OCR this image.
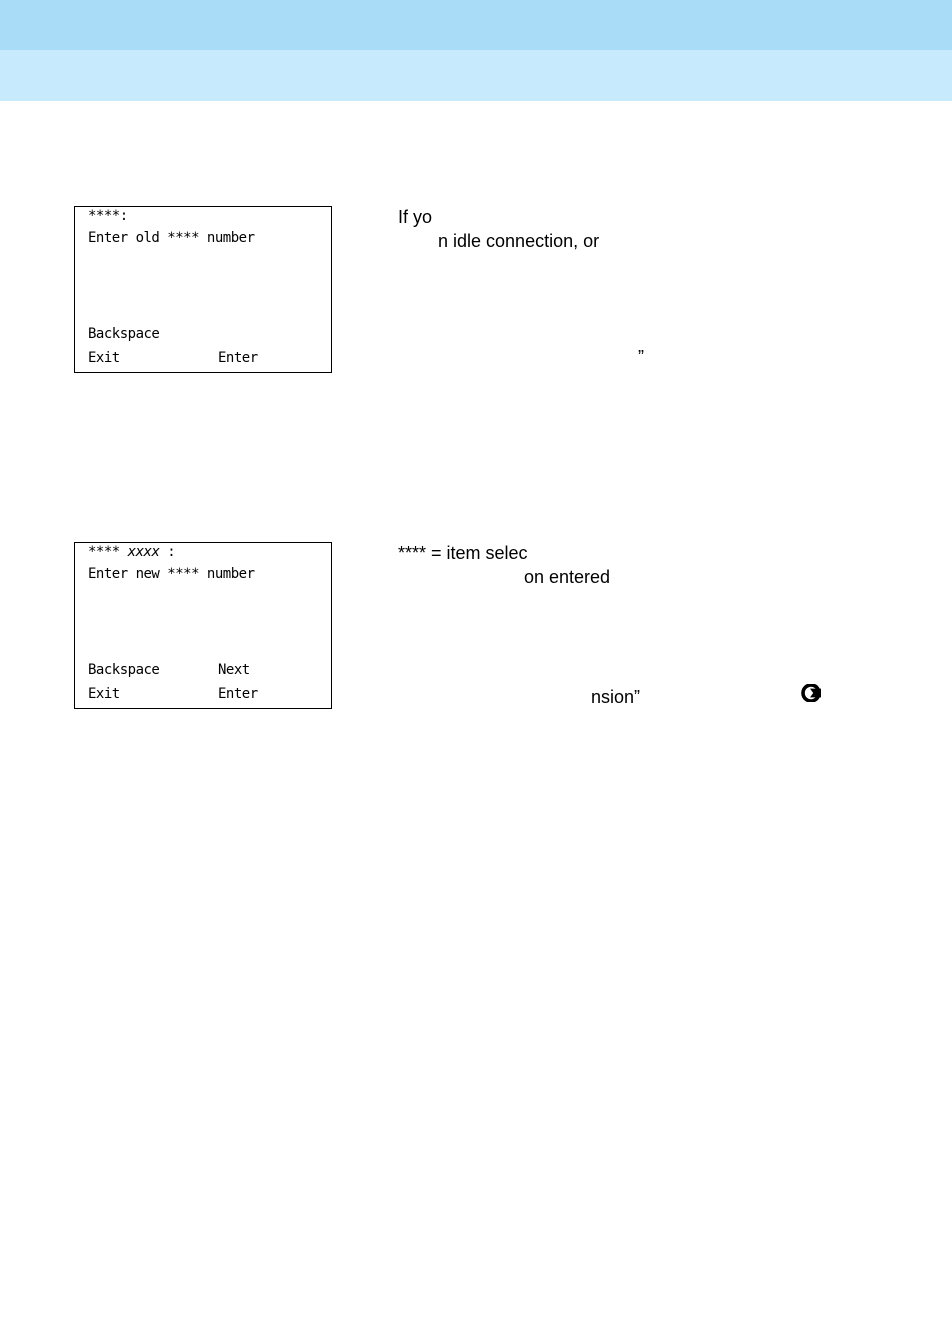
****:
Enter old **** number
Backspace
Exit	Enter
**** xxxx :
Enter new **** number
Backspace	Next
Exit	Enter
If yo
n idle connection, or
”
**** = item selec
on entered
nsion”
